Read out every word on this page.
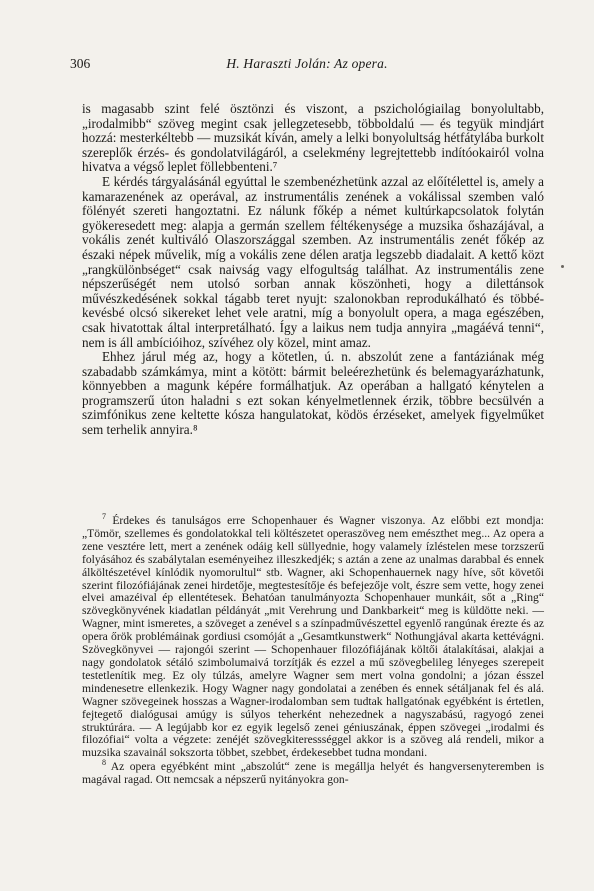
306	H. Haraszti Jolán: Az opera.

is magasabb szint felé ösztönzi és viszont, a pszichológiailag bonyolultabb, „irodalmibb“ szöveg megint csak jellegzetesebb, többoldalú — és tegyük mindjárt hozzá: mesterkéltebb — muzsikát kíván, amely a lelki bonyolultság hétfátylába burkolt szereplők érzés- és gondolatvilágáról, a cselekmény legrejtettebb indítóokairól volna hivatva a végső leplet föllebbenteni.⁷

E kérdés tárgyalásánál egyúttal le szembenézhetünk azzal az előítélettel is, amely a kamarazenének az operával, az instrumentális zenének a vokálissal szemben való fölényét szereti hangoztatni. Ez nálunk főkép a német kultúrkapcsolatok folytán gyökeresedett meg: alapja a germán szellem féltékenysége a muzsika őshazájával, a vokális zenét kultiváló Olaszországgal szemben. Az instrumentális zenét főkép az északi népek művelik, míg a vokális zene délen aratja legszebb diadalait. A kettő közt „rangkülönbséget“ csak naivság vagy elfogultság találhat. Az instrumentális zene népszerűségét nem utolsó sorban annak köszönheti, hogy a dilettánsok művészkedésének sokkal tágabb teret nyujt: szalonokban reprodukálható és többé-kevésbé olcsó sikereket lehet vele aratni, míg a bonyolult opera, a maga egészében, csak hivatottak által interpretálható. Így a laikus nem tudja annyira „magáévá tenni“, nem is áll ambícióihoz, szívéhez oly közel, mint amaz.

Ehhez járul még az, hogy a kötetlen, ú. n. abszolút zene a fantáziának még szabadabb számkámya, mint a kötött: bármit beleérezhetünk és belemagyarázhatunk, könnyebben a magunk képére formálhatjuk. Az operában a hallgató kénytelen a programszerű úton haladni s ezt sokan kényelmetlennek érzik, többre becsülvén a szimfónikus zene keltette kósza hangulatokat, ködös érzéseket, amelyek figyelműket sem terhelik annyira.⁸

$^7$ Érdekes és tanulságos erre Schopenhauer és Wagner viszonya. Az előbbi ezt mondja: „Tömör, szellemes és gondolatokkal teli költészetet operaszöveg nem emészthet meg... Az opera a zene vesztére lett, mert a zenének odáig kell süllyednie, hogy valamely ízléstelen mese torzszerű folyásához és szabálytalan eseményeihez illeszkedjék; s aztán a zene az unalmas darabbal és ennek álköltészetével kínlódik nyomorultul“ stb. Wagner, aki Schopenhauernek nagy híve, sőt követői szerint filozófiájának zenei hirdetője, megtestesítője és befejezője volt, észre sem vette, hogy zenei elvei amazéival ép ellentétesek. Behatóan tanulmányozta Schopenhauer munkáit, sőt a „Ring“ szövegkönyvének kiadatlan példányát „mit Verehrung und Dankbarkeit“ meg is küldötte neki. — Wagner, mint ismeretes, a szöveget a zenével s a színpadművészettel egyenlő rangúnak érezte és az opera őrök problémáinak gordiusi csomóját a „Gesamtkunstwerk“ Nothungjával akarta kettévágni. Szövegkönyvei — rajongói szerint — Schopenhauer filozófiájának költői átalakításai, alakjai a nagy gondolatok sétáló szimbolumaivá torzítják és ezzel a mű szövegbelileg lényeges szerepeit testetlenítik meg. Ez oly túlzás, amelyre Wagner sem mert volna gondolni; a józan ésszel mindenesetre ellenkezik. Hogy Wagner nagy gondolatai a zenében és ennek sétáljanak fel és alá. Wagner szövegeinek hosszas a Wagner-irodalomban sem tudtak hallgatónak egyébként is értetlen, fejtegető dialógusai amúgy is súlyos teherként nehezednek a nagyszabású, ragyogó zenei struktúrára. — A legújabb kor ez egyik legelső zenei géniuszának, éppen szövegei „irodalmi és filozófiai“ volta a végzete: zenéjét szövegkiteressséggel akkor is a szöveg alá rendeli, mikor a muzsika szavainál sokszorta többet, szebbet, érdekesebbet tudna mondani.

$^8$ Az opera egyébként mint „abszolút“ zene is megállja helyét és hangversenyteremben is magával ragad. Ott nemcsak a népszerű nyitányokra gon-
